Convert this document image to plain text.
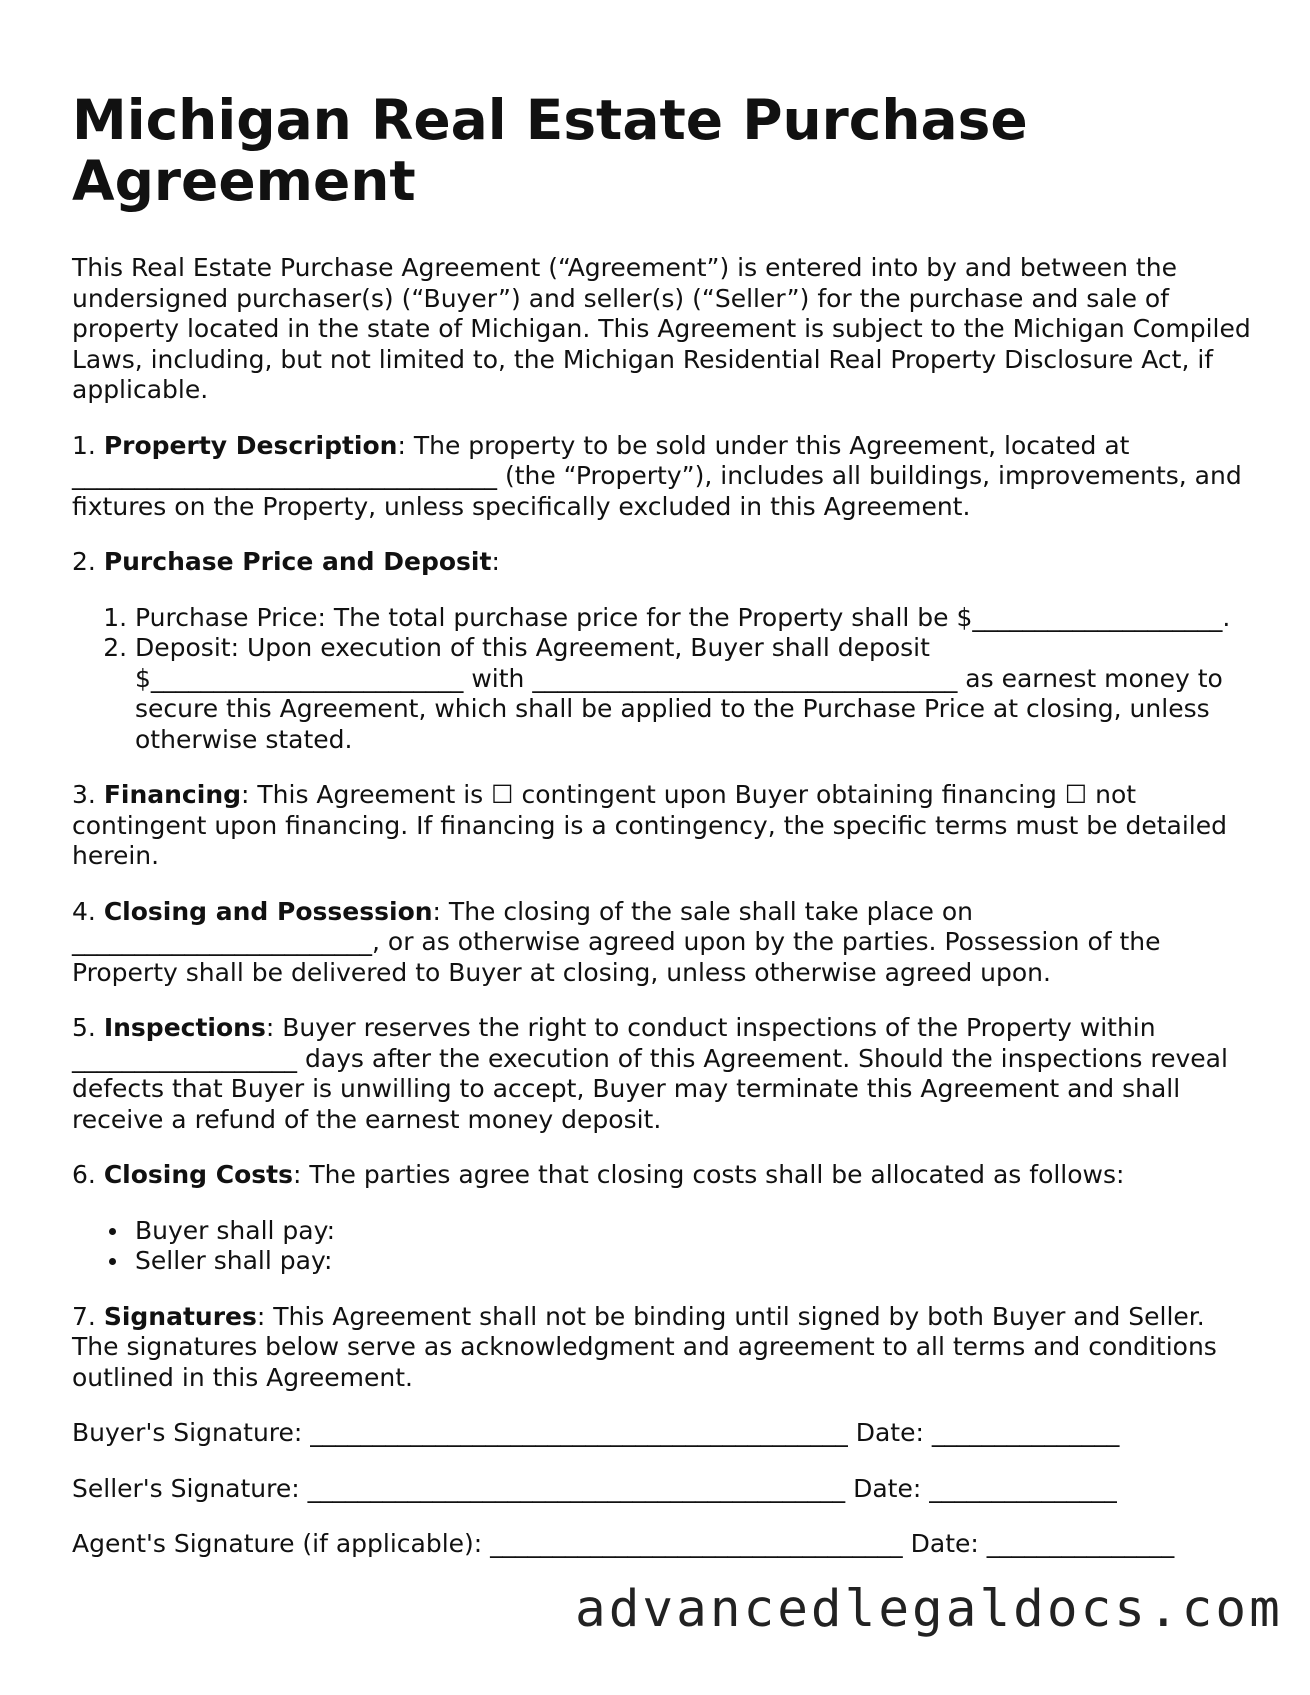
Michigan Real Estate Purchase Agreement

This Real Estate Purchase Agreement (“Agreement”) is entered into by and between the undersigned purchaser(s) (“Buyer”) and seller(s) (“Seller”) for the purchase and sale of property located in the state of Michigan. This Agreement is subject to the Michigan Compiled Laws, including, but not limited to, the Michigan Residential Real Property Disclosure Act, if applicable.

1. Property Description: The property to be sold under this Agreement, located at __________________________________ (the “Property”), includes all buildings, improvements, and fixtures on the Property, unless specifically excluded in this Agreement.

2. Purchase Price and Deposit:

1. Purchase Price: The total purchase price for the Property shall be $____________________.
2. Deposit: Upon execution of this Agreement, Buyer shall deposit $_________________________ with __________________________________ as earnest money to secure this Agreement, which shall be applied to the Purchase Price at closing, unless otherwise stated.

3. Financing: This Agreement is ☐ contingent upon Buyer obtaining financing ☐ not contingent upon financing. If financing is a contingency, the specific terms must be detailed herein.

4. Closing and Possession: The closing of the sale shall take place on ________________________, or as otherwise agreed upon by the parties. Possession of the Property shall be delivered to Buyer at closing, unless otherwise agreed upon.

5. Inspections: Buyer reserves the right to conduct inspections of the Property within __________________ days after the execution of this Agreement. Should the inspections reveal defects that Buyer is unwilling to accept, Buyer may terminate this Agreement and shall receive a refund of the earnest money deposit.

6. Closing Costs: The parties agree that closing costs shall be allocated as follows:

Buyer shall pay:
Seller shall pay:

7. Signatures: This Agreement shall not be binding until signed by both Buyer and Seller. The signatures below serve as acknowledgment and agreement to all terms and conditions outlined in this Agreement.

Buyer's Signature: ___________________________________________ Date: _______________

Seller's Signature: ___________________________________________ Date: _______________

Agent's Signature (if applicable): _________________________________ Date: _______________

advancedlegaldocs.com
